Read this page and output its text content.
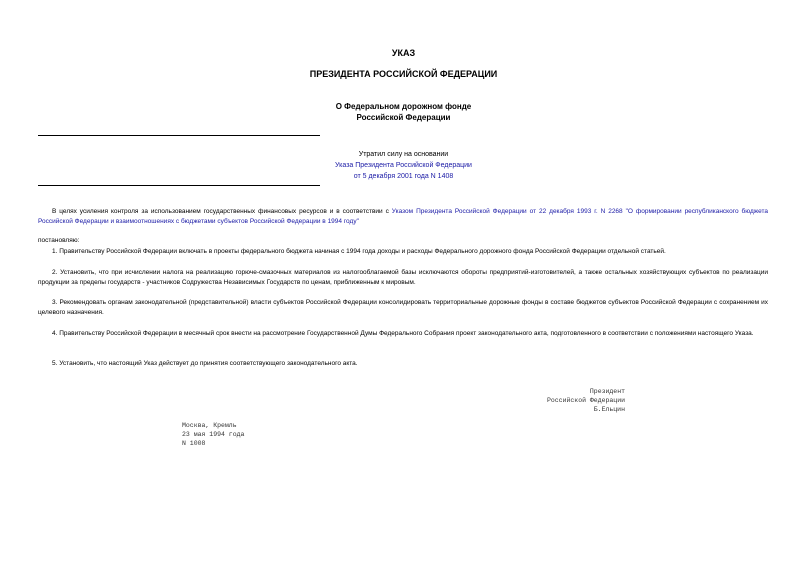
УКАЗ
ПРЕЗИДЕНТА РОССИЙСКОЙ ФЕДЕРАЦИИ
О Федеральном дорожном фонде
Российской Федерации
Утратил силу на основании
Указа Президента Российской Федерации
от 5 декабря 2001 года N 1408
В целях усиления контроля за использованием государственных финансовых ресурсов и в соответствии с Указом Президента Российской Федерации от 22 декабря 1993 г. N 2268 "О формировании республиканского бюджета Российской Федерации и взаимоотношениях с бюджетами субъектов Российской Федерации в 1994 году"
постановляю:
1. Правительству Российской Федерации включать в проекты федерального бюджета начиная с 1994 года доходы и расходы Федерального дорожного фонда Российской Федерации отдельной статьей.
2. Установить, что при исчислении налога на реализацию горюче-смазочных материалов из налогооблагаемой базы исключаются обороты предприятий-изготовителей, а также остальных хозяйствующих субъектов по реализации продукции за пределы государств - участников Содружества Независимых Государств по ценам, приближенным к мировым.
3. Рекомендовать органам законодательной (представительной) власти субъектов Российской Федерации консолидировать территориальные дорожные фонды в составе бюджетов субъектов Российской Федерации с сохранением их целевого назначения.
4. Правительству Российской Федерации в месячный срок внести на рассмотрение Государственной Думы Федерального Собрания проект законодательного акта, подготовленного в соответствии с положениями настоящего Указа.
5. Установить, что настоящий Указ действует до принятия соответствующего законодательного акта.
Президент
Российской Федерации
Б.Ельцин
Москва, Кремль
23 мая 1994 года
N 1008
